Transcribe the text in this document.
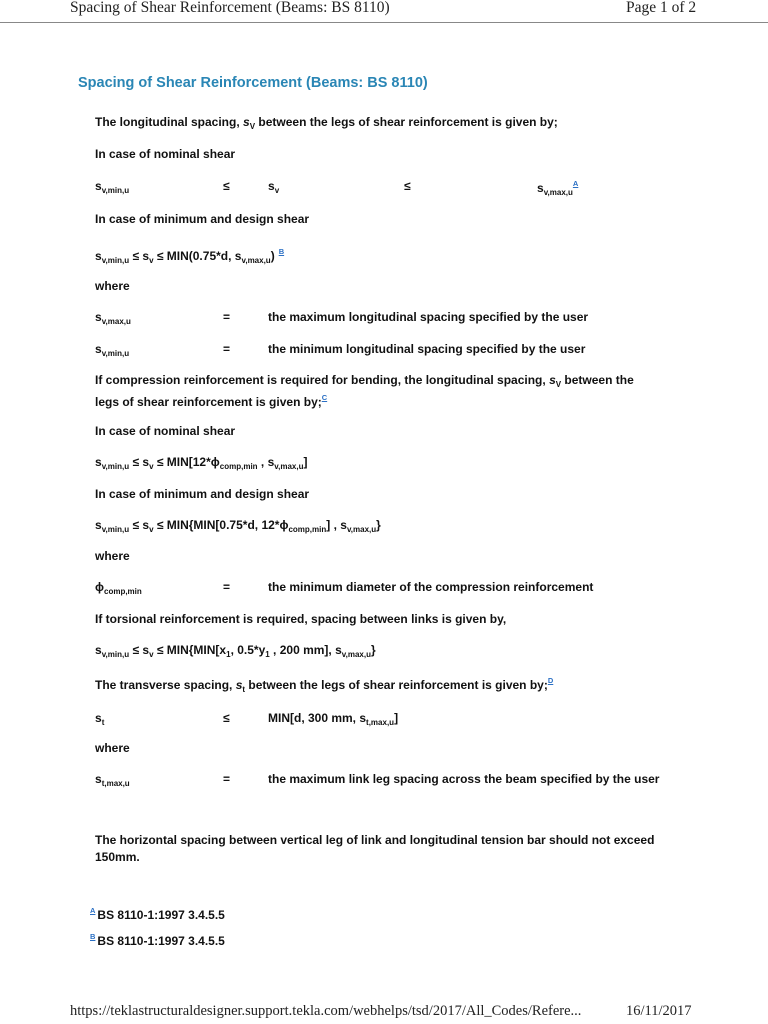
Spacing of Shear Reinforcement (Beams: BS 8110)	Page 1 of 2
Spacing of Shear Reinforcement (Beams: BS 8110)
The longitudinal spacing, $s_V$ between the legs of shear reinforcement is given by;
In case of nominal shear
$s_{v,min,u}$	≤	$s_v$	≤	$s_{v,max,u}^A$
In case of minimum and design shear
$s_{v,min,u} \le s_v \le MIN(0.75*d$, $s_{v,max,u}$) $^B$
where
$s_{v,max,u}$	=	the maximum longitudinal spacing specified by the user
$s_{v,min,u}$	=	the minimum longitudinal spacing specified by the user
If compression reinforcement is required for bending, the longitudinal spacing, $s_V$ between the
legs of shear reinforcement is given by;$^C$
In case of nominal shear
$s_{v,min,u} \le s_v \le MIN[12*\phi_{comp,min}$ , $s_{v,max,u}$]
In case of minimum and design shear
$s_{v,min,u} \le s_v \le MIN\{MIN[0.75*d$, $12*\phi_{comp,min}$] , $s_{v,max,u}$}
where
$\phi_{comp,min}$	=	the minimum diameter of the compression reinforcement
If torsional reinforcement is required, spacing between links is given by,
$s_{v,min,u} \le s_v \le MIN\{MIN[x_1$, $0.5*y_1$ , 200 mm], $s_{v,max,u}$}
The transverse spacing, $s_t$ between the legs of shear reinforcement is given by;$^D$
$s_t$	≤	MIN[d, 300 mm, $s_{t,max,u}$]
where
$s_{t,max,u}$	=	the maximum link leg spacing across the beam specified by the user
The horizontal spacing between vertical leg of link and longitudinal tension bar should not exceed
150mm.
$^A$ BS 8110-1:1997 3.4.5.5
$^B$ BS 8110-1:1997 3.4.5.5
https://teklastructuraldesigner.support.tekla.com/webhelps/tsd/2017/All_Codes/Refere...	16/11/2017
